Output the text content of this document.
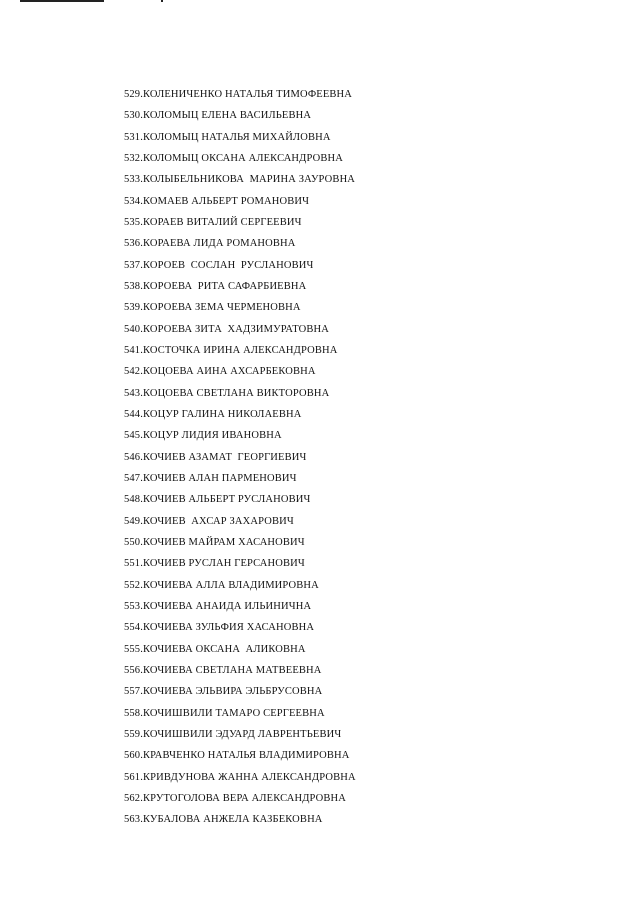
529.КОЛЕНИЧЕНКО НАТАЛЬЯ ТИМОФЕЕВНА
530.КОЛОМЫЦ ЕЛЕНА ВАСИЛЬЕВНА
531.КОЛОМЫЦ НАТАЛЬЯ МИХАЙЛОВНА
532.КОЛОМЫЦ ОКСАНА АЛЕКСАНДРОВНА
533.КОЛЫБЕЛЬНИКОВА  МАРИНА ЗАУРОВНА
534.КОМАЕВ АЛЬБЕРТ РОМАНОВИЧ
535.КОРАЕВ ВИТАЛИЙ СЕРГЕЕВИЧ
536.КОРАЕВА ЛИДА РОМАНОВНА
537.КОРОЕВ  СОСЛАН  РУСЛАНОВИЧ
538.КОРОЕВА  РИТА САФАРБИЕВНА
539.КОРОЕВА ЗЕМА ЧЕРМЕНОВНА
540.КОРОЕВА ЗИТА  ХАДЗИМУРАТОВНА
541.КОСТОЧКА ИРИНА АЛЕКСАНДРОВНА
542.КОЦОЕВА АИНА АХСАРБЕКОВНА
543.КОЦОЕВА СВЕТЛАНА ВИКТОРОВНА
544.КОЦУР ГАЛИНА НИКОЛАЕВНА
545.КОЦУР ЛИДИЯ ИВАНОВНА
546.КОЧИЕВ АЗАМАТ  ГЕОРГИЕВИЧ
547.КОЧИЕВ АЛАН ПАРМЕНОВИЧ
548.КОЧИЕВ АЛЬБЕРТ РУСЛАНОВИЧ
549.КОЧИЕВ  АХСАР ЗАХАРОВИЧ
550.КОЧИЕВ МАЙРАМ ХАСАНОВИЧ
551.КОЧИЕВ РУСЛАН ГЕРСАНОВИЧ
552.КОЧИЕВА АЛЛА ВЛАДИМИРОВНА
553.КОЧИЕВА АНАИДА ИЛЬИНИЧНА
554.КОЧИЕВА ЗУЛЬФИЯ ХАСАНОВНА
555.КОЧИЕВА ОКСАНА  АЛИКОВНА
556.КОЧИЕВА СВЕТЛАНА МАТВЕЕВНА
557.КОЧИЕВА ЭЛЬВИРА ЭЛЬБРУСОВНА
558.КОЧИШВИЛИ ТАМАРО СЕРГЕЕВНА
559.КОЧИШВИЛИ ЭДУАРД ЛАВРЕНТЬЕВИЧ
560.КРАВЧЕНКО НАТАЛЬЯ ВЛАДИМИРОВНА
561.КРИВДУНОВА ЖАННА АЛЕКСАНДРОВНА
562.КРУТОГОЛОВА ВЕРА АЛЕКСАНДРОВНА
563.КУБАЛОВА АНЖЕЛА КАЗБЕКОВНА
